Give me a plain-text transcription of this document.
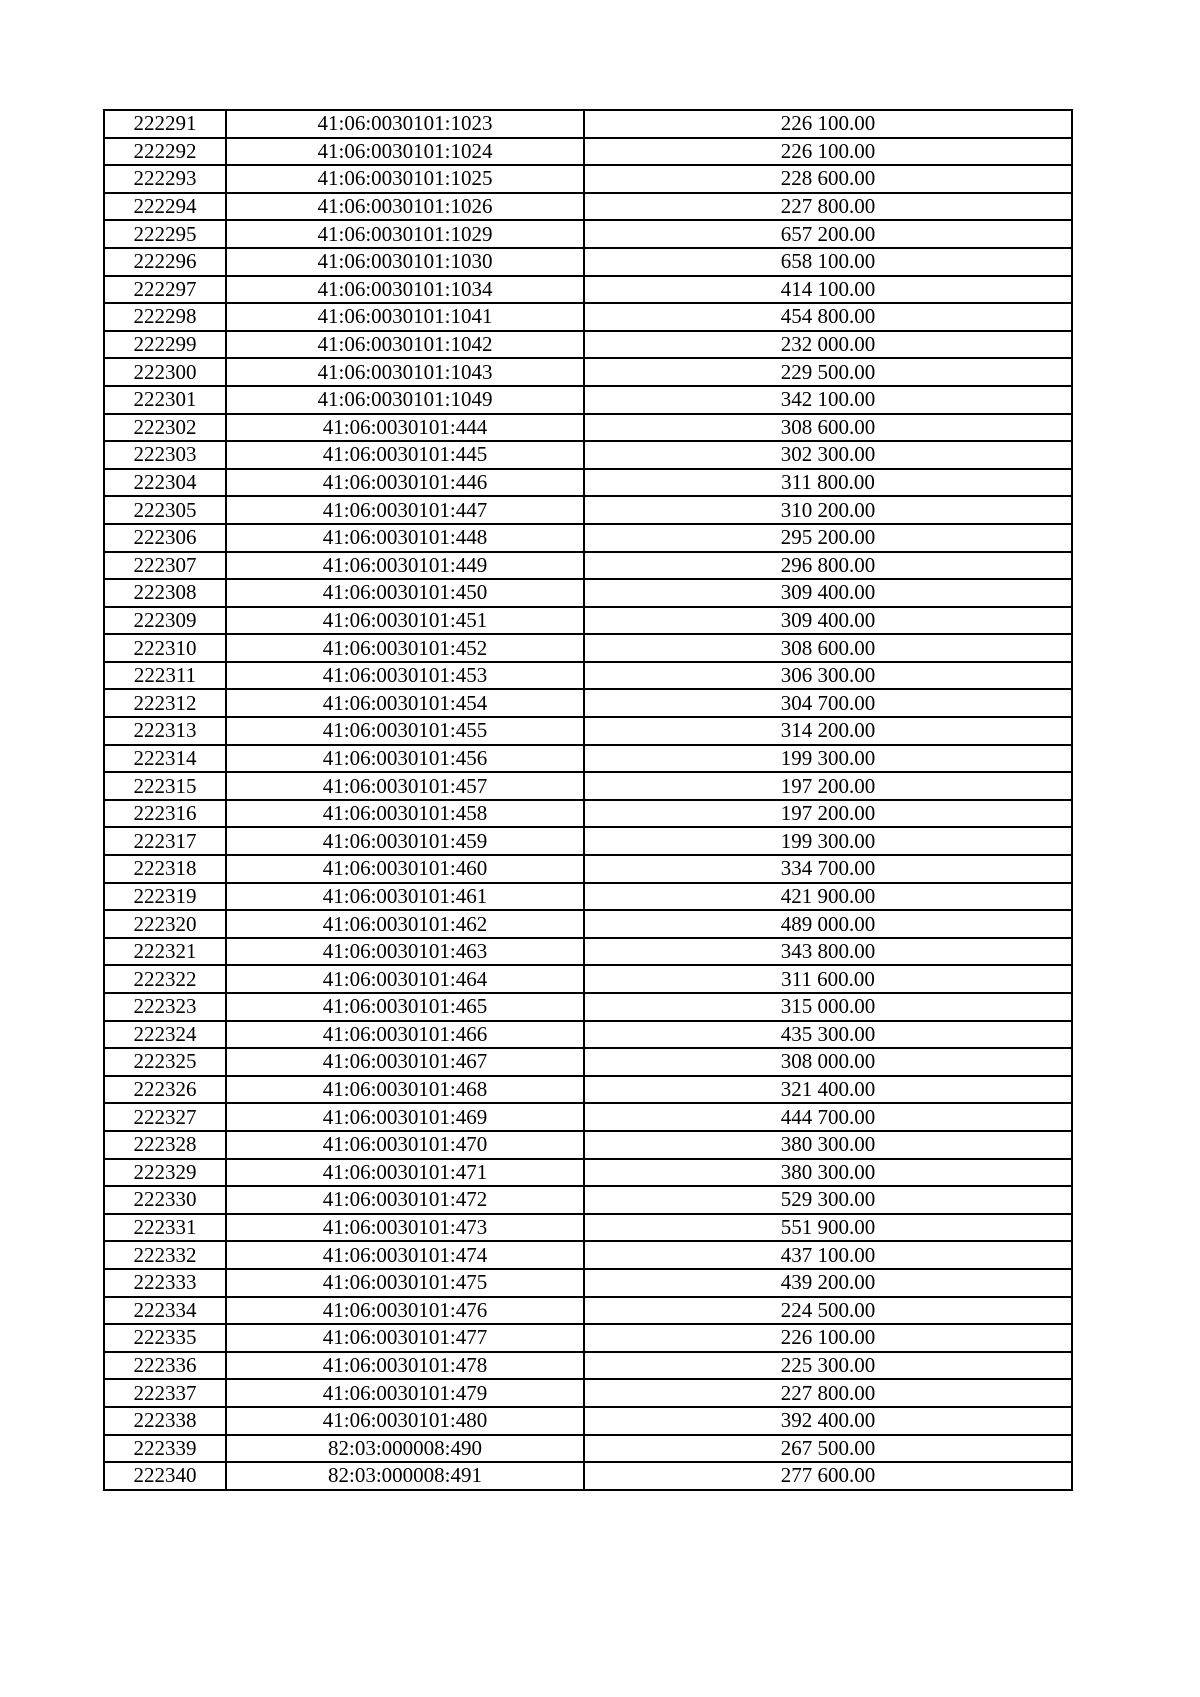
222291	41:06:0030101:1023	226 100.00
222292	41:06:0030101:1024	226 100.00
222293	41:06:0030101:1025	228 600.00
222294	41:06:0030101:1026	227 800.00
222295	41:06:0030101:1029	657 200.00
222296	41:06:0030101:1030	658 100.00
222297	41:06:0030101:1034	414 100.00
222298	41:06:0030101:1041	454 800.00
222299	41:06:0030101:1042	232 000.00
222300	41:06:0030101:1043	229 500.00
222301	41:06:0030101:1049	342 100.00
222302	41:06:0030101:444	308 600.00
222303	41:06:0030101:445	302 300.00
222304	41:06:0030101:446	311 800.00
222305	41:06:0030101:447	310 200.00
222306	41:06:0030101:448	295 200.00
222307	41:06:0030101:449	296 800.00
222308	41:06:0030101:450	309 400.00
222309	41:06:0030101:451	309 400.00
222310	41:06:0030101:452	308 600.00
222311	41:06:0030101:453	306 300.00
222312	41:06:0030101:454	304 700.00
222313	41:06:0030101:455	314 200.00
222314	41:06:0030101:456	199 300.00
222315	41:06:0030101:457	197 200.00
222316	41:06:0030101:458	197 200.00
222317	41:06:0030101:459	199 300.00
222318	41:06:0030101:460	334 700.00
222319	41:06:0030101:461	421 900.00
222320	41:06:0030101:462	489 000.00
222321	41:06:0030101:463	343 800.00
222322	41:06:0030101:464	311 600.00
222323	41:06:0030101:465	315 000.00
222324	41:06:0030101:466	435 300.00
222325	41:06:0030101:467	308 000.00
222326	41:06:0030101:468	321 400.00
222327	41:06:0030101:469	444 700.00
222328	41:06:0030101:470	380 300.00
222329	41:06:0030101:471	380 300.00
222330	41:06:0030101:472	529 300.00
222331	41:06:0030101:473	551 900.00
222332	41:06:0030101:474	437 100.00
222333	41:06:0030101:475	439 200.00
222334	41:06:0030101:476	224 500.00
222335	41:06:0030101:477	226 100.00
222336	41:06:0030101:478	225 300.00
222337	41:06:0030101:479	227 800.00
222338	41:06:0030101:480	392 400.00
222339	82:03:000008:490	267 500.00
222340	82:03:000008:491	277 600.00
